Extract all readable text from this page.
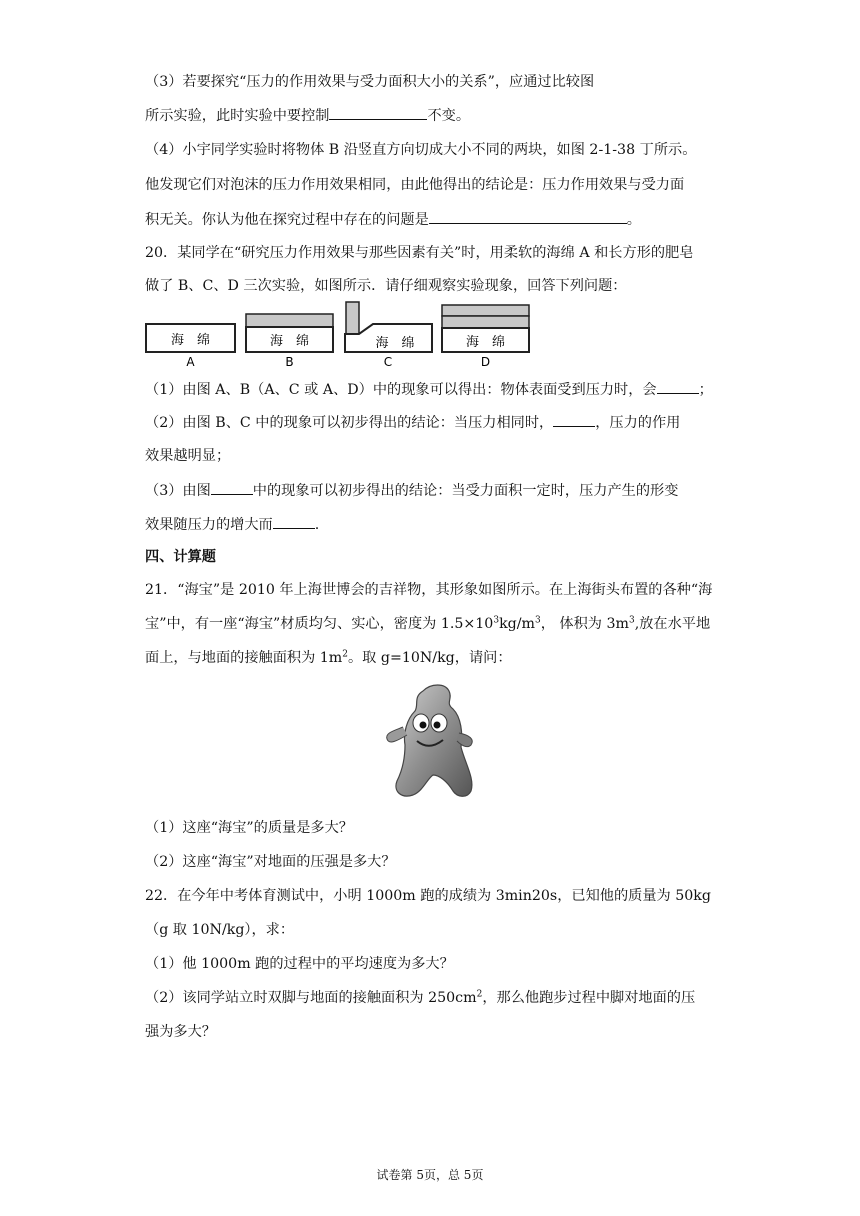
（3）若要探究“压力的作用效果与受力面积大小的关系”，应通过比较图
所示实验，此时实验中要控制	不变。
（4）小宇同学实验时将物体 B 沿竖直方向切成大小不同的两块，如图 2-1-38 丁所示。
他发现它们对泡沫的压力作用效果相同，由此他得出的结论是：压力作用效果与受力面
积无关。你认为他在探究过程中存在的问题是	。
20．某同学在“研究压力作用效果与那些因素有关”时，用柔软的海绵 A 和长方形的肥皂
做了 B、C、D 三次实验，如图所示．请仔细观察实验现象，回答下列问题：
海　绵
A
海　绵
B
海　绵
C
海　绵
D
（1）由图 A、B（A、C 或 A、D）中的现象可以得出：物体表面受到压力时，会	；
（2）由图 B、C 中的现象可以初步得出的结论：当压力相同时，	，压力的作用
效果越明显；
（3）由图	中的现象可以初步得出的结论：当受力面积一定时，压力产生的形变
效果随压力的增大而	.
四、计算题
21．“海宝”是 2010 年上海世博会的吉祥物，其形象如图所示。在上海街头布置的各种“海
宝”中，有一座“海宝”材质均匀、实心，密度为 $1.5\times 10^3kg/m^3$， 体积为 $3m^3$,放在水平地
面上，与地面的接触面积为 $1m^2$。取 g=10N/kg，请问：
（1）这座“海宝”的质量是多大？
（2）这座“海宝”对地面的压强是多大？
22．在今年中考体育测试中，小明 1000m 跑的成绩为 3min20s，已知他的质量为 50kg
（g 取 10N/kg），求：
（1）他 1000m 跑的过程中的平均速度为多大？
（2）该同学站立时双脚与地面的接触面积为 $250cm^2$，那么他跑步过程中脚对地面的压
强为多大？
试卷第 5页，总 5页
